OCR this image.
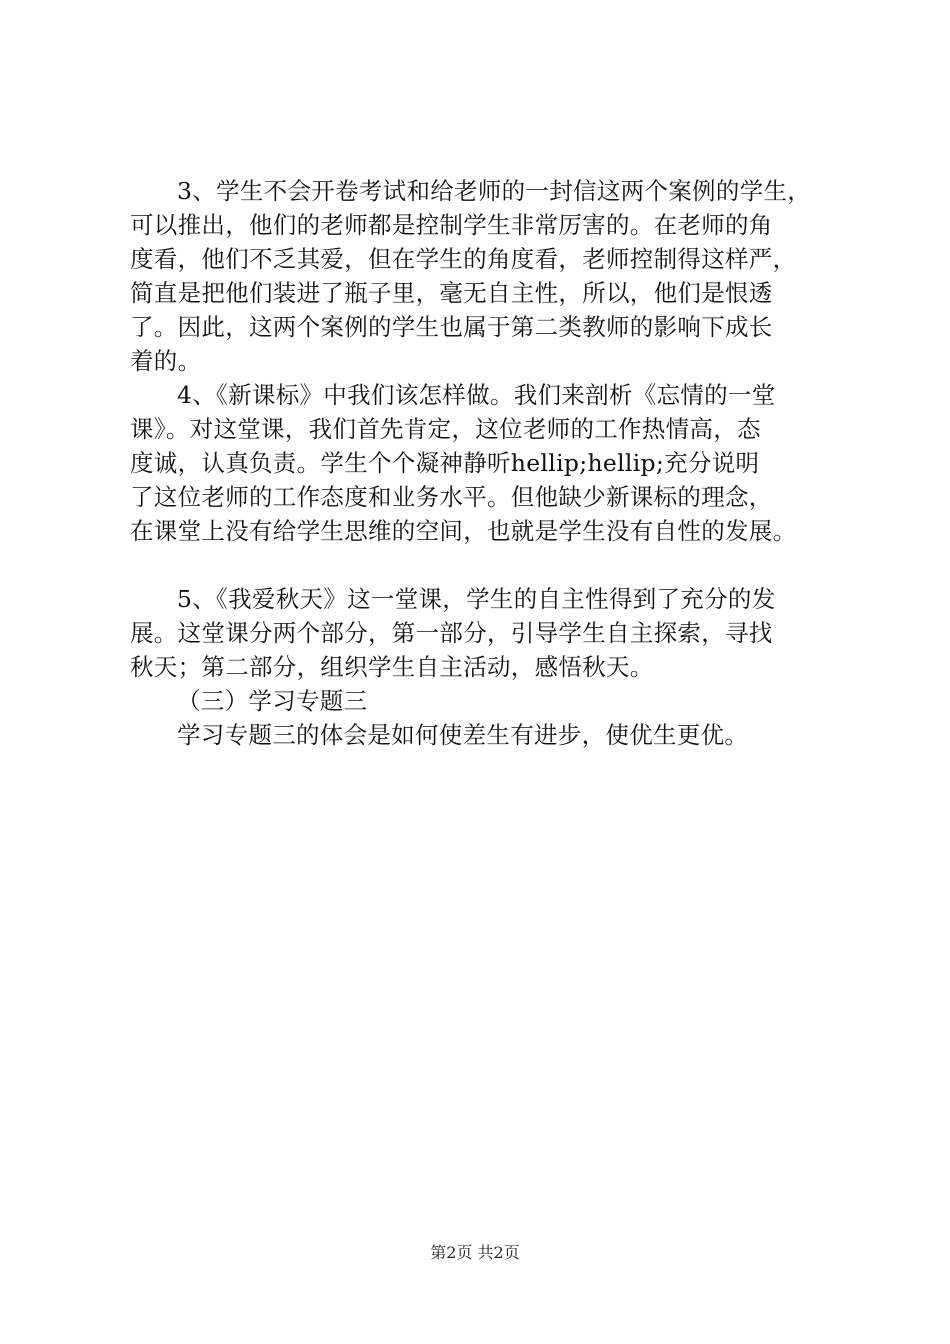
3、学生不会开卷考试和给老师的一封信这两个案例的学生，
可以推出，他们的老师都是控制学生非常厉害的。在老师的角
度看，他们不乏其爱，但在学生的角度看，老师控制得这样严，
简直是把他们装进了瓶子里，毫无自主性，所以，他们是恨透
了。因此，这两个案例的学生也属于第二类教师的影响下成长
着的。
4、《新课标》中我们该怎样做。我们来剖析《忘情的一堂
课》。对这堂课，我们首先肯定，这位老师的工作热情高，态
度诚，认真负责。学生个个凝神静听hellip;hellip;充分说明
了这位老师的工作态度和业务水平。但他缺少新课标的理念，
在课堂上没有给学生思维的空间，也就是学生没有自性的发展。
5、《我爱秋天》这一堂课，学生的自主性得到了充分的发
展。这堂课分两个部分，第一部分，引导学生自主探索，寻找
秋天；第二部分，组织学生自主活动，感悟秋天。
（三）学习专题三
学习专题三的体会是如何使差生有进步，使优生更优。
第2页 共2页
